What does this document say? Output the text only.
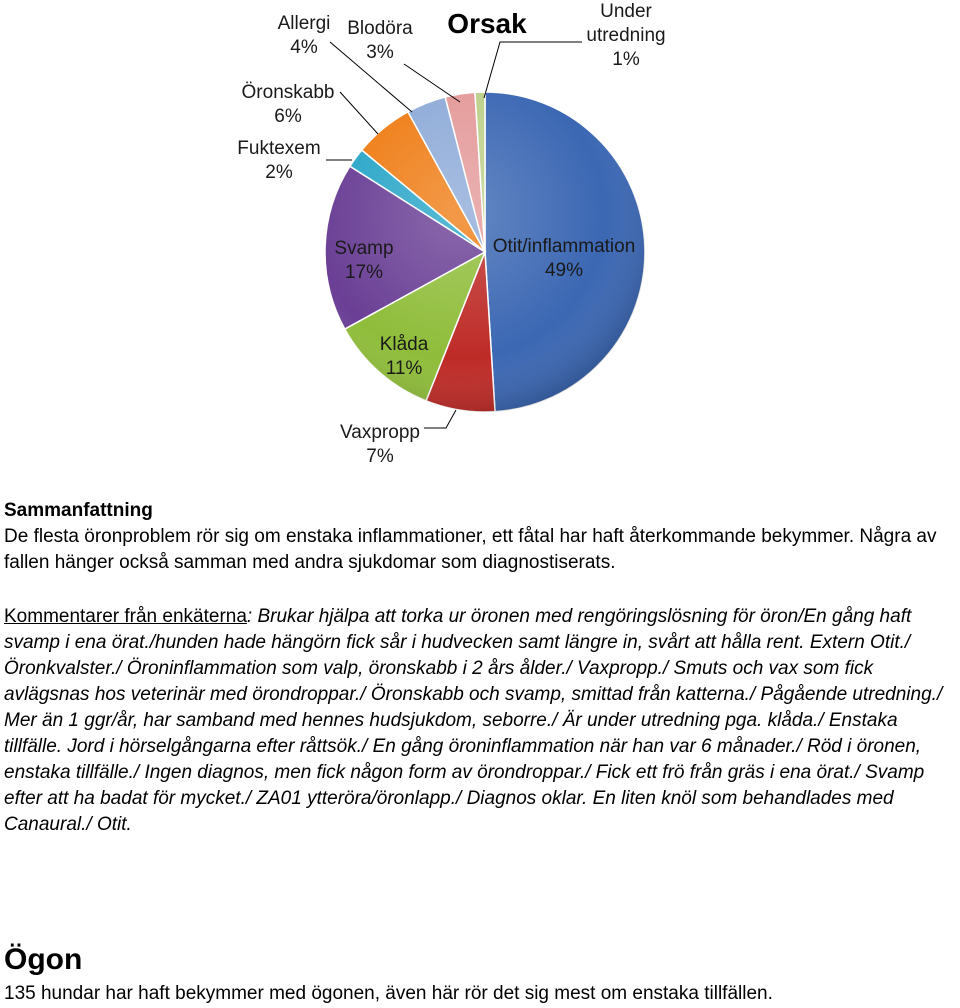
Orsak
Otit/inflammation
49%
Vaxpropp
7%
Klåda
11%
Svamp
17%
Fuktexem
2%
Öronskabb
6%
Allergi
4%
Blodöra
3%
Under
utredning
1%
Sammanfattning
De flesta öronproblem rör sig om enstaka inflammationer, ett fåtal har haft återkommande bekymmer. Några av fallen hänger också samman med andra sjukdomar som diagnostiserats.
Kommentarer från enkäterna: Brukar hjälpa att torka ur öronen med rengöringslösning för öron/En gång haft svamp i ena örat./hunden hade hängörn fick sår i hudvecken samt längre in, svårt att hålla rent. Extern Otit./ Öronkvalster./ Öroninflammation som valp, öronskabb i 2 års ålder./ Vaxpropp./ Smuts och vax som fick avlägsnas hos veterinär med örondroppar./ Öronskabb och svamp, smittad från katterna./ Pågående utredning./ Mer än 1 ggr/år, har samband med hennes hudsjukdom, seborre./ Är under utredning pga. klåda./ Enstaka tillfälle. Jord i hörselgångarna efter råttsök./ En gång öroninflammation när han var 6 månader./ Röd i öronen, enstaka tillfälle./ Ingen diagnos, men fick någon form av örondroppar./ Fick ett frö från gräs i ena örat./ Svamp efter att ha badat för mycket./ ZA01 ytteröra/öronlapp./ Diagnos oklar. En liten knöl som behandlades med Canaural./ Otit.
Ögon
135 hundar har haft bekymmer med ögonen, även här rör det sig mest om enstaka tillfällen.
